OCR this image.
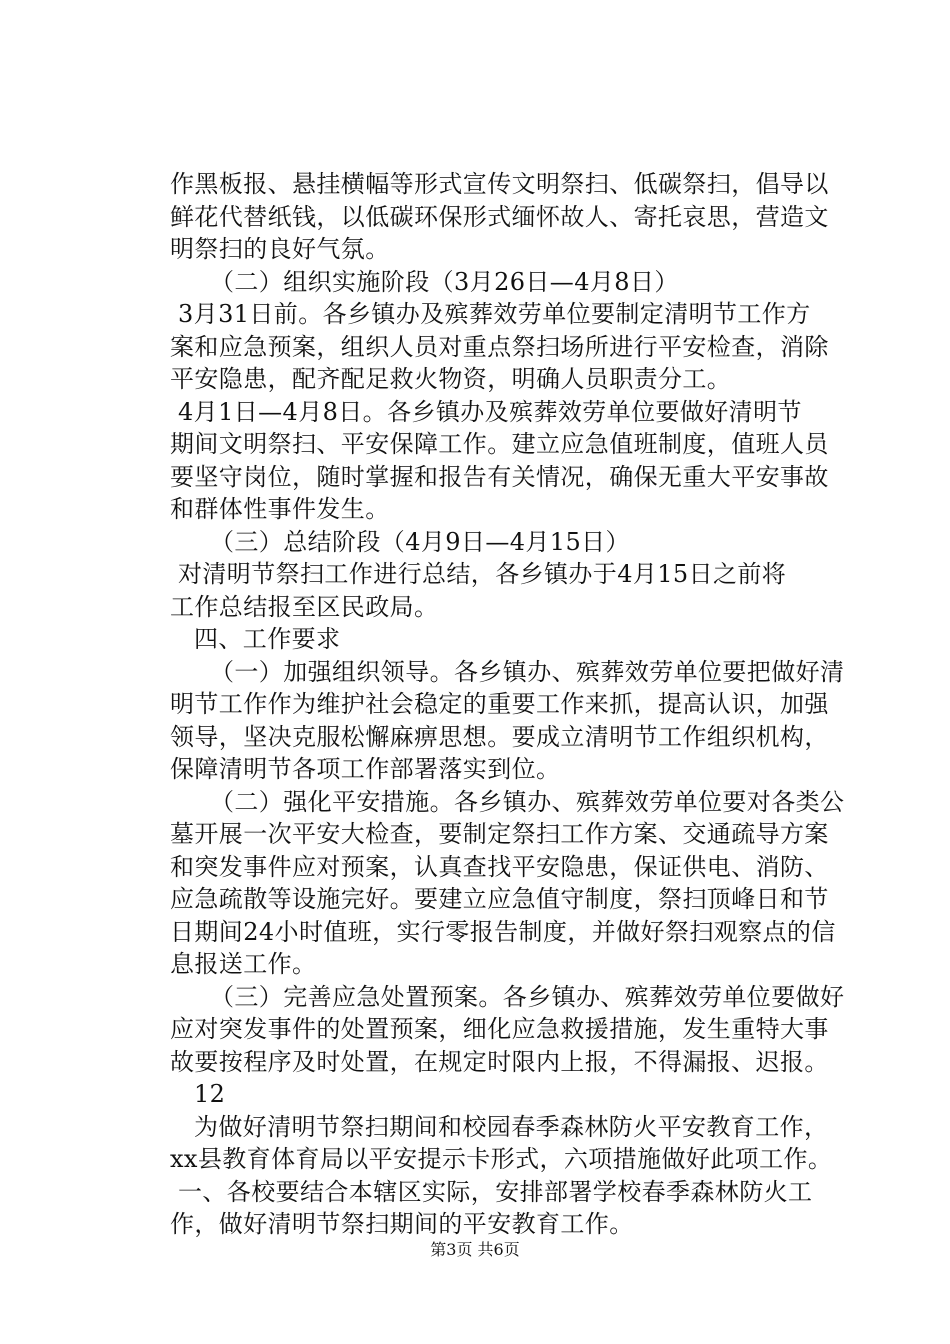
作黑板报、悬挂横幅等形式宣传文明祭扫、低碳祭扫，倡导以
鲜花代替纸钱，以低碳环保形式缅怀故人、寄托哀思，营造文
明祭扫的良好气氛。
（二）组织实施阶段（3月26日—4月8日）
3月31日前。各乡镇办及殡葬效劳单位要制定清明节工作方
案和应急预案，组织人员对重点祭扫场所进行平安检查，消除
平安隐患，配齐配足救火物资，明确人员职责分工。
4月1日—4月8日。各乡镇办及殡葬效劳单位要做好清明节
期间文明祭扫、平安保障工作。建立应急值班制度，值班人员
要坚守岗位，随时掌握和报告有关情况，确保无重大平安事故
和群体性事件发生。
（三）总结阶段（4月9日—4月15日）
对清明节祭扫工作进行总结，各乡镇办于4月15日之前将
工作总结报至区民政局。
四、工作要求
（一）加强组织领导。各乡镇办、殡葬效劳单位要把做好清
明节工作作为维护社会稳定的重要工作来抓，提高认识，加强
领导，坚决克服松懈麻痹思想。要成立清明节工作组织机构，
保障清明节各项工作部署落实到位。
（二）强化平安措施。各乡镇办、殡葬效劳单位要对各类公
墓开展一次平安大检查，要制定祭扫工作方案、交通疏导方案
和突发事件应对预案，认真查找平安隐患，保证供电、消防、
应急疏散等设施完好。要建立应急值守制度，祭扫顶峰日和节
日期间24小时值班，实行零报告制度，并做好祭扫观察点的信
息报送工作。
（三）完善应急处置预案。各乡镇办、殡葬效劳单位要做好
应对突发事件的处置预案，细化应急救援措施，发生重特大事
故要按程序及时处置，在规定时限内上报，不得漏报、迟报。
12
为做好清明节祭扫期间和校园春季森林防火平安教育工作，
xx县教育体育局以平安提示卡形式，六项措施做好此项工作。
一、各校要结合本辖区实际，安排部署学校春季森林防火工
作，做好清明节祭扫期间的平安教育工作。
第3页 共6页
